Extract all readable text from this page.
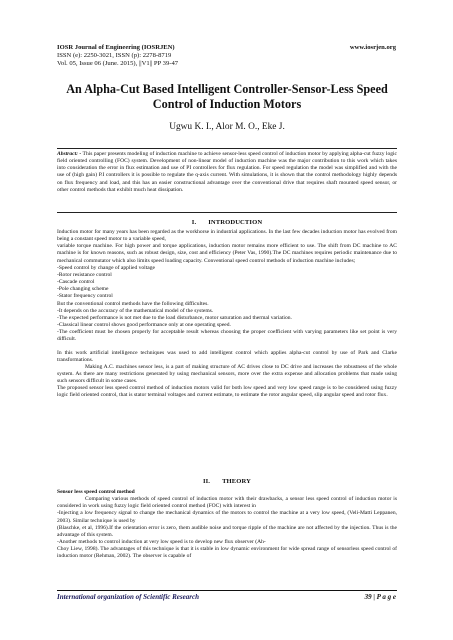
IOSR Journal of Engineering (IOSRJEN)
ISSN (e): 2250-3021, ISSN (p): 2278-8719
Vol. 05, Issue 06 (June. 2015), ||V1|| PP 39-47
www.iosrjen.org
An Alpha-Cut Based Intelligent Controller-Sensor-Less Speed Control of Induction Motors
Ugwu K. I., Alor M. O., Eke J.
Abstract: - This paper presents modeling of induction machine to achieve sensor-less speed control of induction motor by applying alpha-cut fuzzy logic field oriented controlling (FOC) system. Development of non-linear model of induction machine was the major contribution to this work which takes into consideration the error in flux estimation and use of PI controllers for flux regulation. For speed regulation the model was simplified and with the use of (high gain) P.I controllers it is possible to regulate the q-axis current. With simulations, it is shown that the control methodology highly depends on flux frequency and load, and this has an easier constructional advantage over the conventional drive that requires shaft mounted speed sensor, or other control methods that exhibit much heat dissipation.
I. INTRODUCTION

Induction motor for many years has been regarded as the workhorse in industrial applications. In the last few decades induction motor has evolved from being a constant speed motor to a variable speed,

variable torque machine. For high power and torque applications, induction motor remains more efficient to use. The shift from DC machine to AC machine is for known reasons, such as robust design, size, cost and efficiency (Peter Vas, 1990).The DC machines requires periodic maintenance due to mechanical commutator which also limits speed loading capacity. Conventional speed control methods of induction machine includes;

-Speed control by change of applied voltage

-Rotor resistance control

-Cascade control

-Pole changing scheme

-Stator frequency control

But the conventional control methods have the following difficultes.

-It depends on the accuracy of the mathematical model of the systems.

-The expected performance is not met due to the load disturbance, motor saturation and thermal variation.

-Classical linear control shows good performance only at one operating speed.

-The coefficient must be chosen properly for acceptable result whereas choosing the proper coefficient with varying parameters like set point is very difficult.

In this work artificial intelligence techniques was used to add intelligent control which applies alpha-cut control by use of Park and Clarke transformations.

Making A.C. machines sensor less, is a part of making structure of AC drives close to DC drive and increases the robustness of the whole system. As there are many restrictions generated by using mechanical sensors, more over the extra expense and allocation problems that made using such sensors difficult in some cases.

The proposed sensor less speed control method of induction motors valid for both low speed and very low speed range is to be considered using fuzzy logic field oriented control, that is stator terminal voltages and current estimate, to estimate the rotor angular speed, slip angular speed and rotor flux.

II. THEORY

Sensor less speed control method

Comparing various methods of speed control of induction motor with their drawbacks, a sensor less speed control of induction motor is considered in work using fuzzy logic field oriented control method (FOC) with interest in

-Injecting a low frequency signal to change the mechanical dynamics of the motors to control the machine at a very low speed, (Veli-Matti Leppanen, 2003). Similar technique is used by

(Blaschke, et al, 1996).If the orientation error is zero, them audible noise and torque ripple of the machine are not affected by the injection. Thus is the advantage of this system.

-Another methods to control induction at very low speed is to develop new flux observer (Ah-

Choy Liew, 1998). The advantages of this technique is that it is stable in low dynamic environment for wide spread range of sensorless speed control of induction motor (Rehman, 2002). The observer is capable of

International organization of Scientific Research	39 | P a g e
